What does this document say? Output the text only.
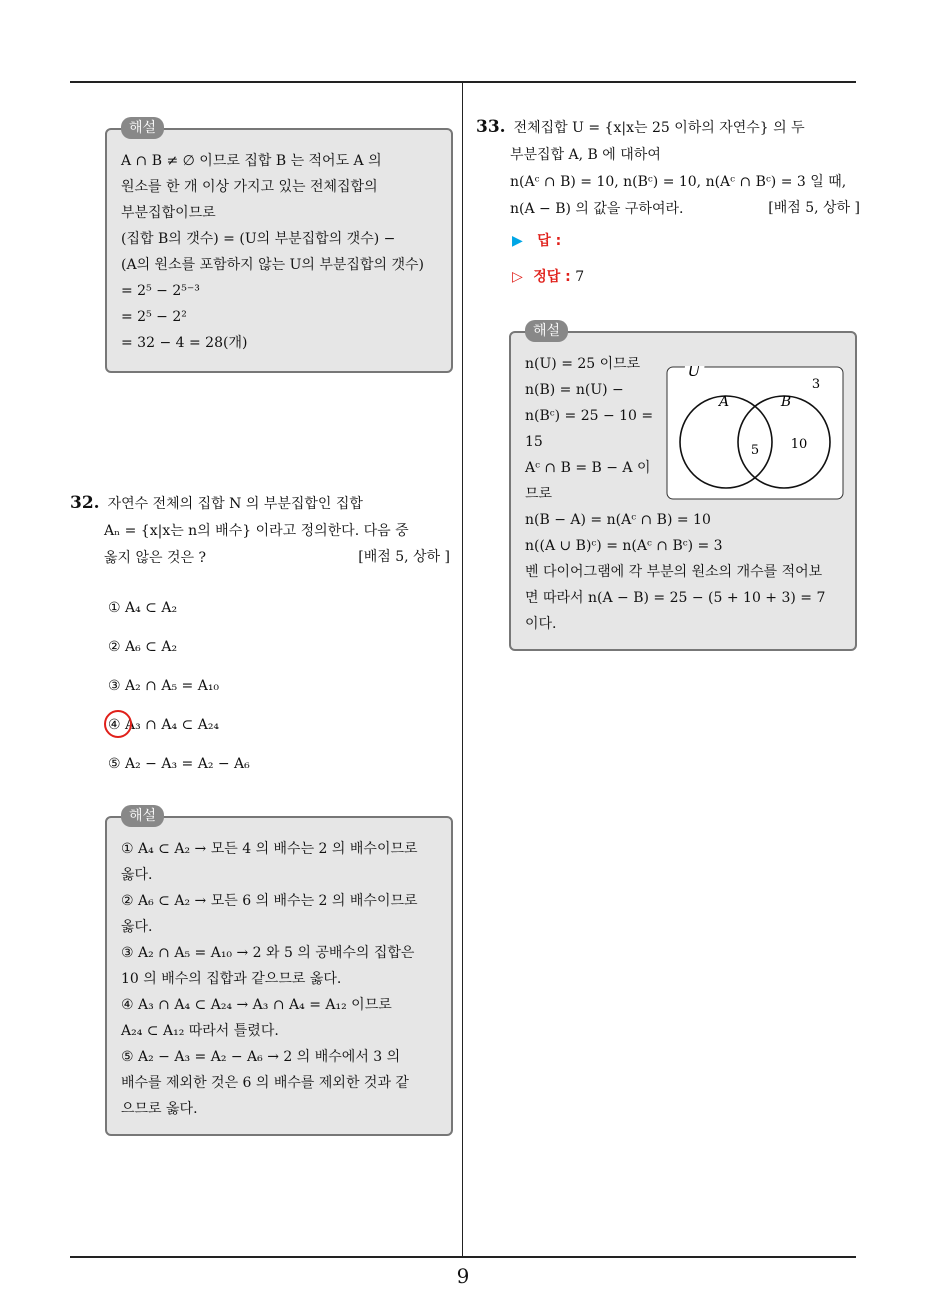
9
해설
A ∩ B ≠ ∅ 이므로 집합 B 는 적어도 A 의
원소를 한 개 이상 가지고 있는 전체집합의
부분집합이므로
(집합 B의 갯수) = (U의 부분집합의 갯수) −
(A의 원소를 포함하지 않는 U의 부분집합의 갯수)
= 2⁵ − 2⁵⁻³
= 2⁵ − 2²
= 32 − 4 = 28(개)
32. 자연수 전체의 집합 N 의 부분집합인 집합
Aₙ = {x|x는 n의 배수} 이라고 정의한다. 다음 중
옳지 않은 것은 ?	[배점 5, 상하 ]
① A₄ ⊂ A₂
② A₆ ⊂ A₂
③ A₂ ∩ A₅ = A₁₀
④ A₃ ∩ A₄ ⊂ A₂₄
⑤ A₂ − A₃ = A₂ − A₆
해설
① A₄ ⊂ A₂ → 모든 4 의 배수는 2 의 배수이므로
옳다.
② A₆ ⊂ A₂ → 모든 6 의 배수는 2 의 배수이므로
옳다.
③ A₂ ∩ A₅ = A₁₀ → 2 와 5 의 공배수의 집합은
10 의 배수의 집합과 같으므로 옳다.
④ A₃ ∩ A₄ ⊂ A₂₄ → A₃ ∩ A₄ = A₁₂ 이므로
A₂₄ ⊂ A₁₂ 따라서 틀렸다.
⑤ A₂ − A₃ = A₂ − A₆ → 2 의 배수에서 3 의
배수를 제외한 것은 6 의 배수를 제외한 것과 같
으므로 옳다.
33. 전체집합 U = {x|x는 25 이하의 자연수} 의 두
부분집합 A, B 에 대하여
n(Aᶜ ∩ B) = 10, n(Bᶜ) = 10, n(Aᶜ ∩ Bᶜ) = 3 일 때,
n(A − B) 의 값을 구하여라.	[배점 5, 상하 ]
▶ 답 :
▷ 정답 : 7
해설
n(U) = 25 이므로
n(B) = n(U) −
n(Bᶜ) = 25 − 10 =
15
Aᶜ ∩ B = B − A 이
므로
n(B − A) = n(Aᶜ ∩ B) = 10
n((A ∪ B)ᶜ) = n(Aᶜ ∩ Bᶜ) = 3
벤 다이어그램에 각 부분의 원소의 개수를 적어보
면 따라서 n(A − B) = 25 − (5 + 10 + 3) = 7
이다.
U
A	B
3
5 10
